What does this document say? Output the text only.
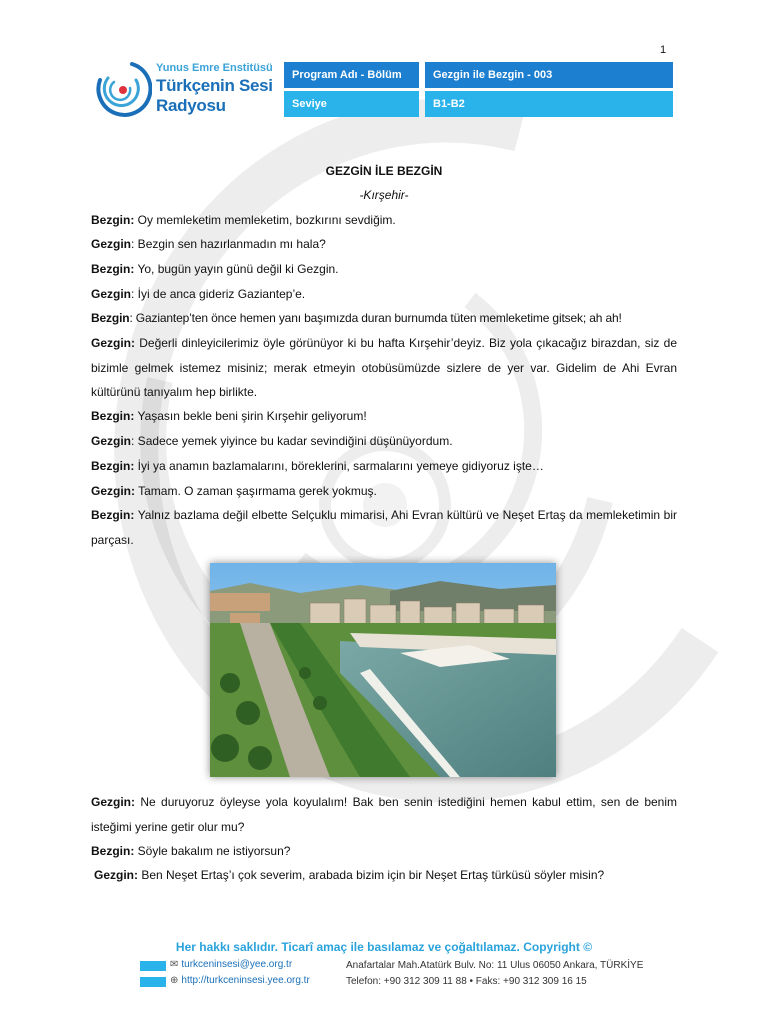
1
Yunus Emre Enstitüsü
Türkçenin Sesi
Radyosu
Program Adı - Bölüm	Gezgin ile Bezgin - 003
Seviye	B1-B2
GEZGİN İLE BEZGİN
-Kırşehir-
Bezgin: Oy memleketim memleketim, bozkırını sevdiğim.
Gezgin: Bezgin sen hazırlanmadın mı hala?
Bezgin: Yo, bugün yayın günü değil ki Gezgin.
Gezgin: İyi de anca gideriz Gaziantep’e.
Bezgin: Gaziantep’ten önce hemen yanı başımızda duran burnumda tüten memleketime gitsek; ah ah!
Gezgin: Değerli dinleyicilerimiz öyle görünüyor ki bu hafta Kırşehir’deyiz. Biz yola çıkacağız birazdan, siz de bizimle gelmek istemez misiniz; merak etmeyin otobüsümüzde sizlere de yer var. Gidelim de Ahi Evran kültürünü tanıyalım hep birlikte.
Bezgin: Yaşasın bekle beni şirin Kırşehir geliyorum!
Gezgin: Sadece yemek yiyince bu kadar sevindiğini düşünüyordum.
Bezgin: İyi ya anamın bazlamalarını, böreklerini, sarmalarını yemeye gidiyoruz işte…
Gezgin: Tamam. O zaman şaşırmama gerek yokmuş.
Bezgin: Yalnız bazlama değil elbette Selçuklu mimarisi, Ahi Evran kültürü ve Neşet Ertaş da memleketimin bir parçası.
Gezgin: Ne duruyoruz öyleyse yola koyulalım! Bak ben senin istediğini hemen kabul ettim, sen de benim isteğimi yerine getir olur mu?
Bezgin: Söyle bakalım ne istiyorsun?
Gezgin: Ben Neşet Ertaş’ı çok severim, arabada bizim için bir Neşet Ertaş türküsü söyler misin?
Her hakkı saklıdır. Ticarî amaç ile basılamaz ve çoğaltılamaz. Copyright ©
✉ turkceninsesi@yee.org.tr	Anafartalar Mah.Atatürk Bulv. No: 11 Ulus 06050 Ankara, TÜRKİYE
⊕ http://turkceninsesi.yee.org.tr	Telefon: +90 312 309 11 88 • Faks: +90 312 309 16 15
